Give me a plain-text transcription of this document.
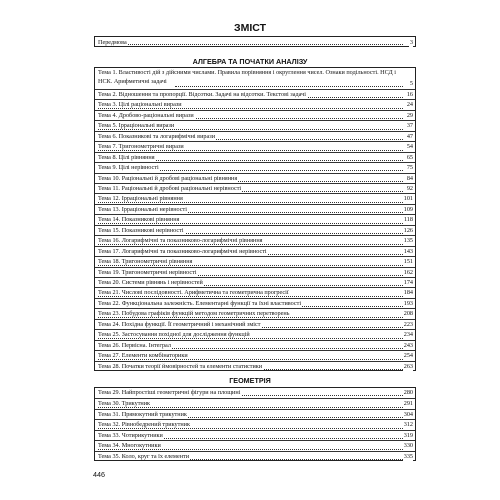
ЗМІСТ
Передмова	3
АЛГЕБРА ТА ПОЧАТКИ АНАЛІЗУ
Тема 1. Властивості дій з дійсними числами. Правила порівняння і округлення чисел. Ознаки подільності. НСД і НСК. Арифметичні задачі	5
Тема 2. Відношення та пропорції. Відсотки. Задачі на відсотки. Текстові задачі	16
Тема 3. Цілі раціональні вирази	24
Тема 4. Дробово-раціональні вирази	29
Тема 5. Ірраціональні вирази	37
Тема 6. Показникові та логарифмічні вирази	47
Тема 7. Тригонометричні вирази	54
Тема 8. Цілі рівняння	65
Тема 9. Цілі нерівності	75
Тема 10. Раціональні й дробові раціональні рівняння	84
Тема 11. Раціональні й дробові раціональні нерівності	92
Тема 12. Ірраціональні рівняння	101
Тема 13. Ірраціональні нерівності	109
Тема 14. Показникові рівняння	118
Тема 15. Показникові нерівності	126
Тема 16. Логарифмічні та показниково-логарифмічні рівняння	135
Тема 17. Логарифмічні та показниково-логарифмічні нерівності	143
Тема 18. Тригонометричні рівняння	151
Тема 19. Тригонометричні нерівності	162
Тема 20. Системи рівнянь і нерівностей	174
Тема 21. Числові послідовності. Арифметична та геометрична прогресії	184
Тема 22. Функціональна залежність. Елементарні функції та їхні властивості	193
Тема 23. Побудова графіків функцій методом геометричних перетворень	208
Тема 24. Похідна функції. Її геометричний і механічний зміст	223
Тема 25. Застосування похідної для дослідження функцій	234
Тема 26. Первісна. Інтеграл	243
Тема 27. Елементи комбінаторики	254
Тема 28. Початки теорії ймовірностей та елементи статистики	263
ГЕОМЕТРІЯ
Тема 29. Найпростіші геометричні фігури на площині	280
Тема 30. Трикутник	291
Тема 31. Прямокутний трикутник	304
Тема 32. Рівнобедрений трикутник	312
Тема 33. Чотирикутники	319
Тема 34. Многокутники	330
Тема 35. Коло, круг та їх елементи	335
446
